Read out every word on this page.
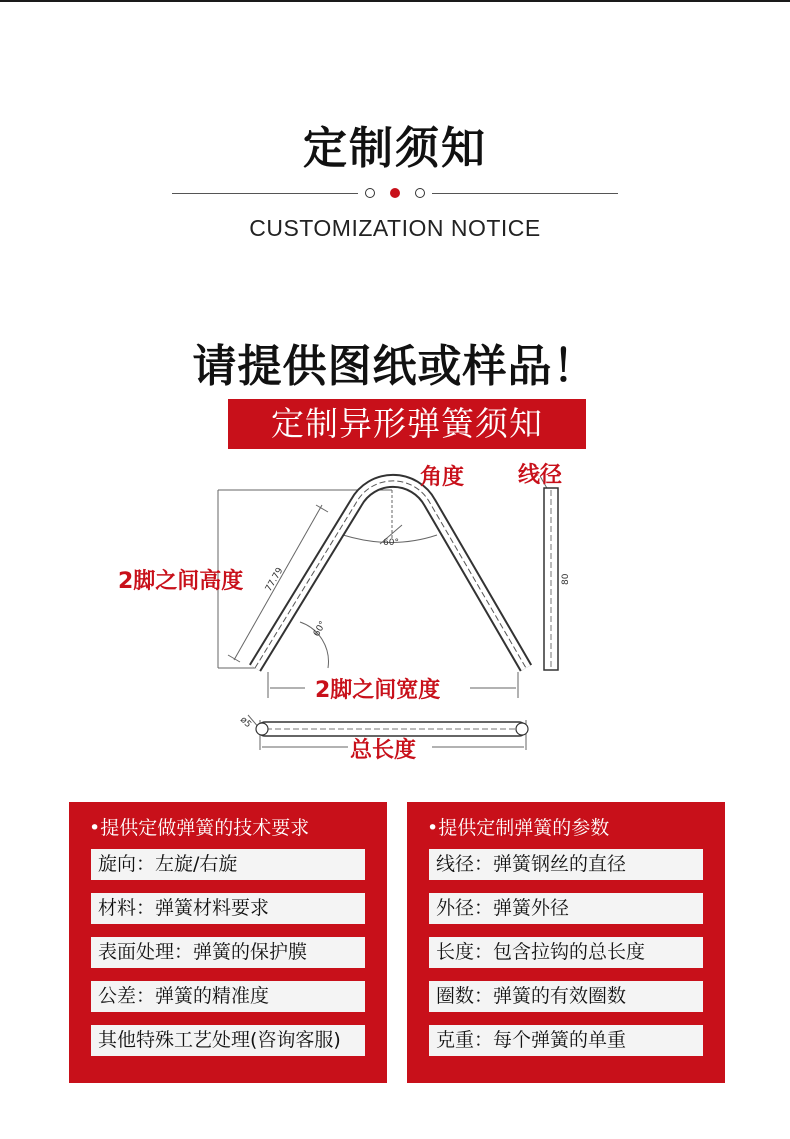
定制须知
CUSTOMIZATION NOTICE
请提供图纸或样品！
定制异形弹簧须知
60°
60°
77.79	80
ø5
角度 线径
2脚之间高度
2脚之间宽度
总长度
•提供定做弹簧的技术要求
旋向：左旋/右旋
材料：弹簧材料要求
表面处理：弹簧的保护膜
公差：弹簧的精准度
其他特殊工艺处理(咨询客服)
•提供定制弹簧的参数
线径：弹簧钢丝的直径
外径：弹簧外径
长度：包含拉钩的总长度
圈数：弹簧的有效圈数
克重：每个弹簧的单重
